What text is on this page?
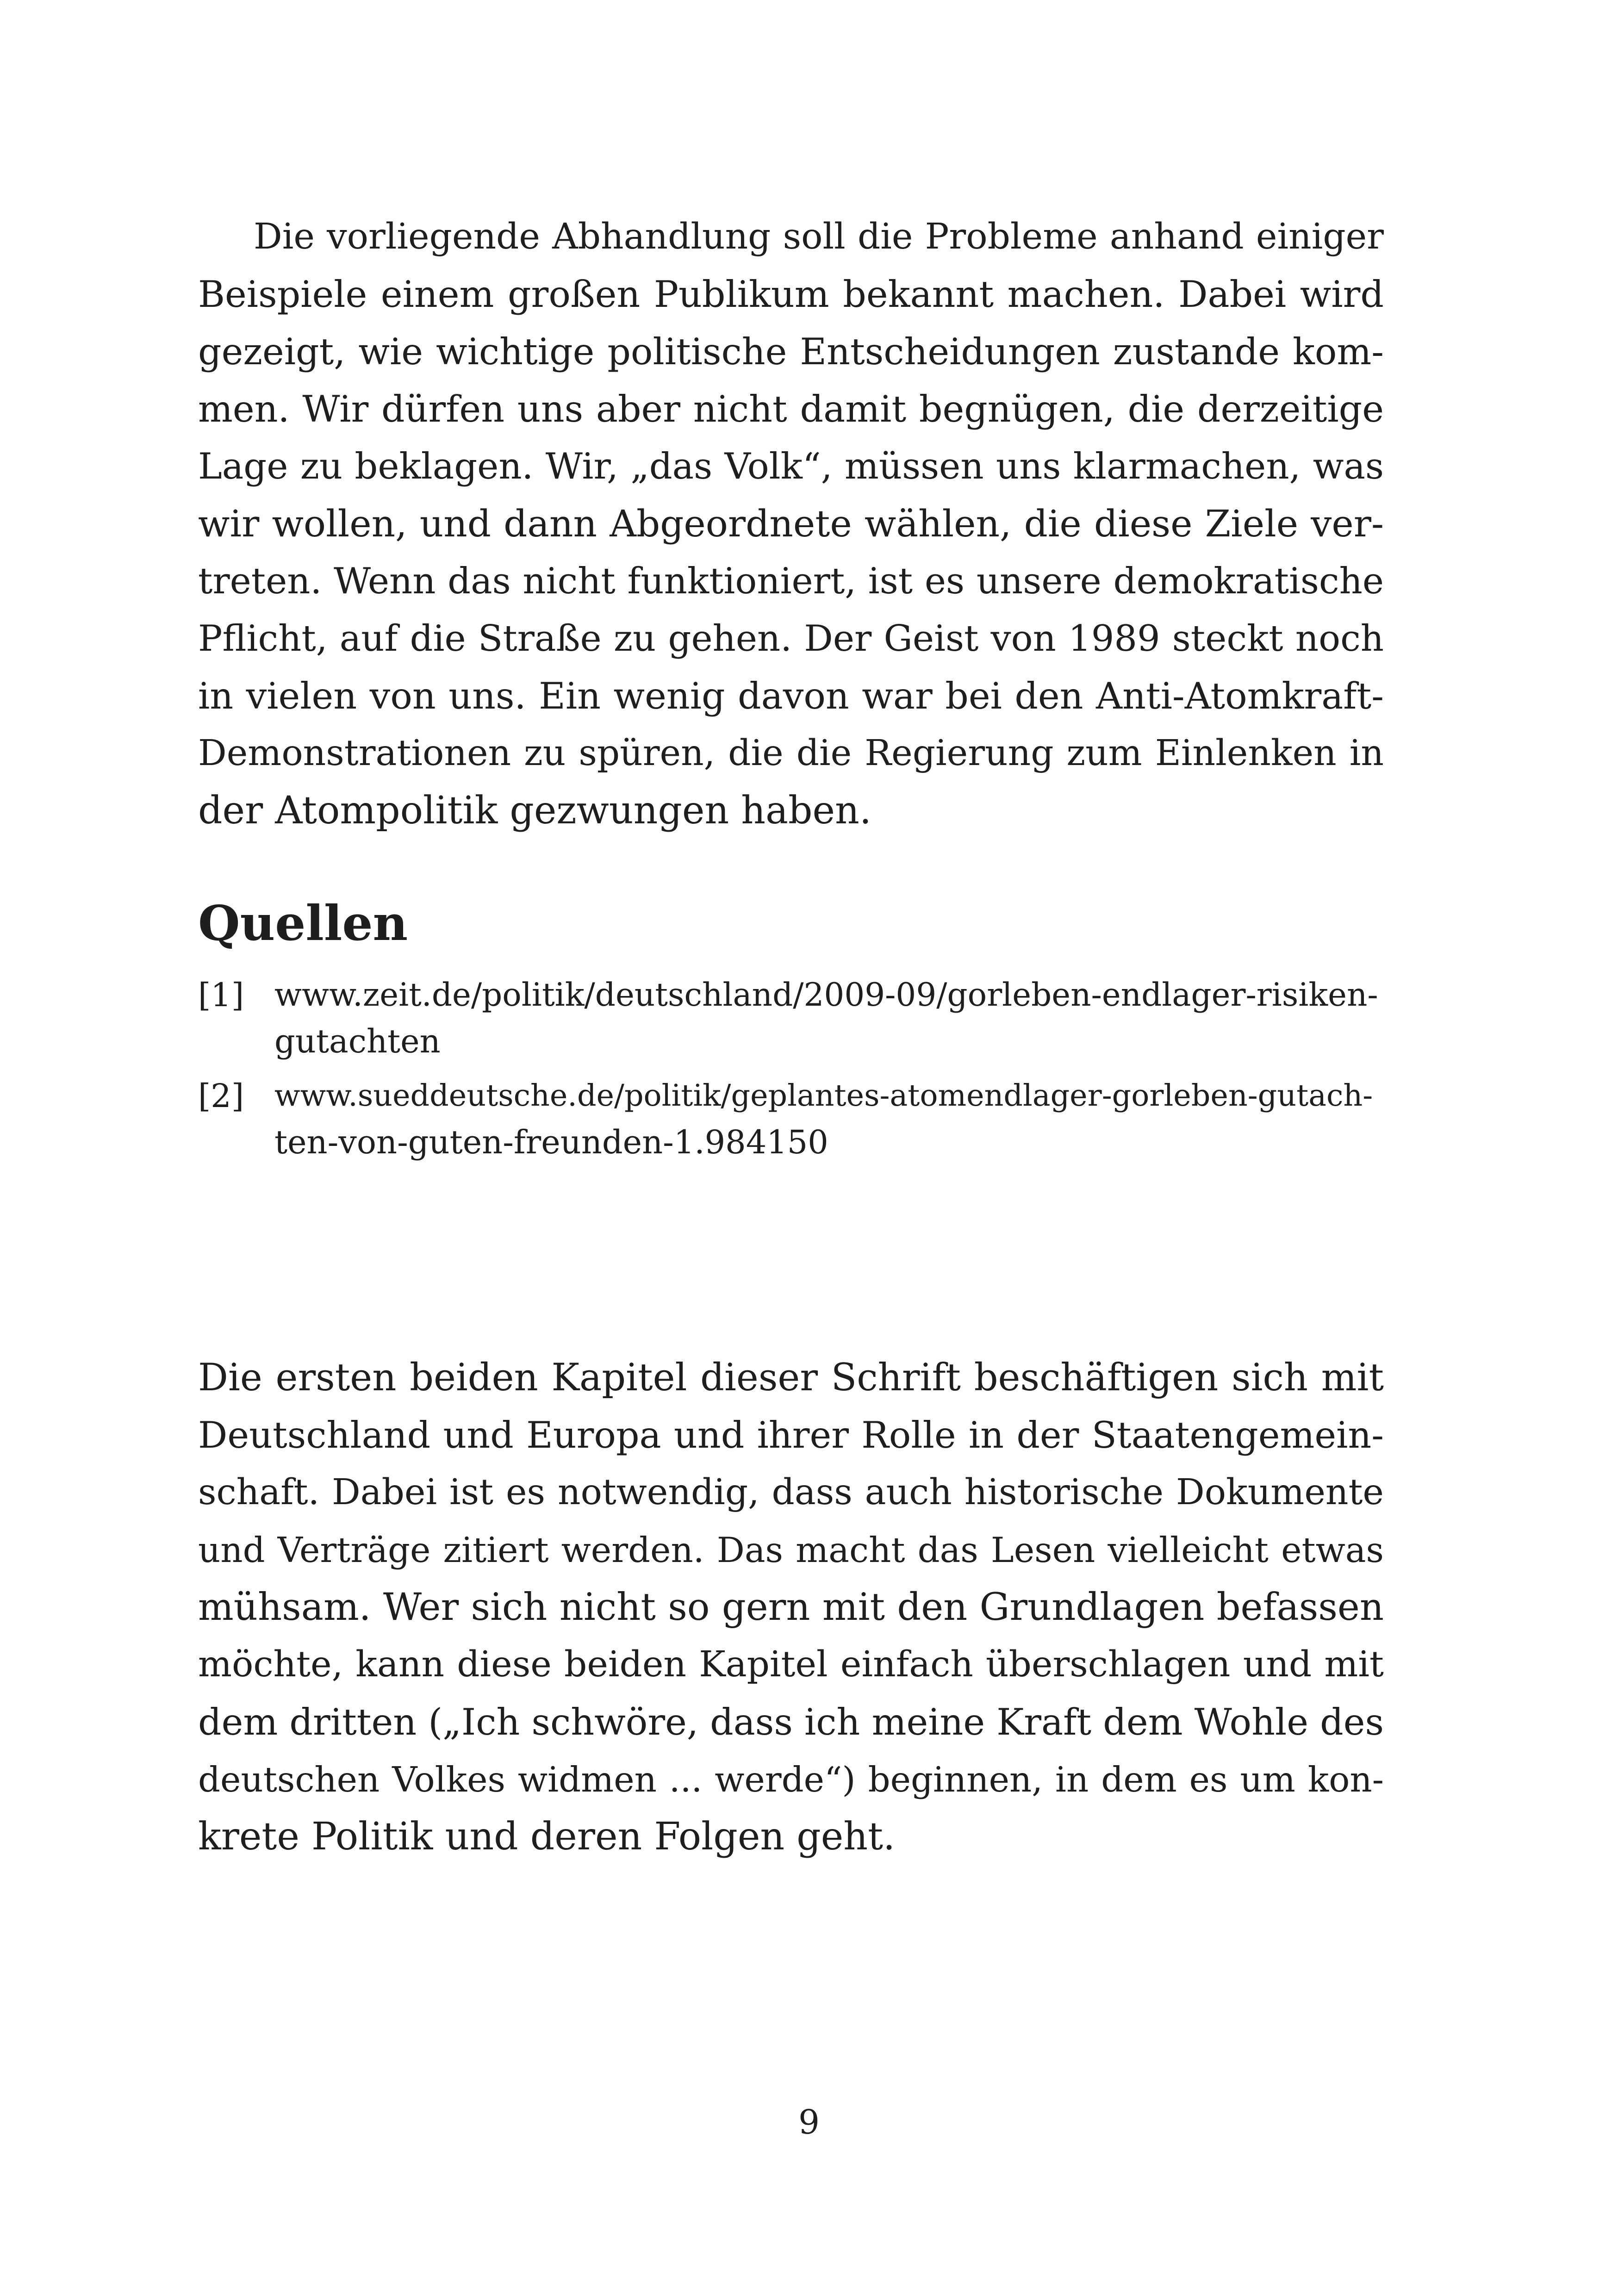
Die vorliegende Abhandlung soll die Probleme anhand einiger
Beispiele einem großen Publikum bekannt machen. Dabei wird
gezeigt, wie wichtige politische Entscheidungen zustande kom-
men. Wir dürfen uns aber nicht damit begnügen, die derzeitige
Lage zu beklagen. Wir, „das Volk“, müssen uns klarmachen, was
wir wollen, und dann Abgeordnete wählen, die diese Ziele ver-
treten. Wenn das nicht funktioniert, ist es unsere demokratische
Pflicht, auf die Straße zu gehen. Der Geist von 1989 steckt noch
in vielen von uns. Ein wenig davon war bei den Anti-Atomkraft-
Demonstrationen zu spüren, die die Regierung zum Einlenken in
der Atompolitik gezwungen haben.
Quellen
[1] www.zeit.de/politik/deutschland/2009-09/gorleben-endlager-risiken-
gutachten
[2] www.sueddeutsche.de/politik/geplantes-atomendlager-gorleben-gutach-
ten-von-guten-freunden-1.984150
Die ersten beiden Kapitel dieser Schrift beschäftigen sich mit
Deutschland und Europa und ihrer Rolle in der Staatengemein-
schaft. Dabei ist es notwendig, dass auch historische Dokumente
und Verträge zitiert werden. Das macht das Lesen vielleicht etwas
mühsam. Wer sich nicht so gern mit den Grundlagen befassen
möchte, kann diese beiden Kapitel einfach überschlagen und mit
dem dritten („Ich schwöre, dass ich meine Kraft dem Wohle des
deutschen Volkes widmen ... werde“) beginnen, in dem es um kon-
krete Politik und deren Folgen geht.
9
